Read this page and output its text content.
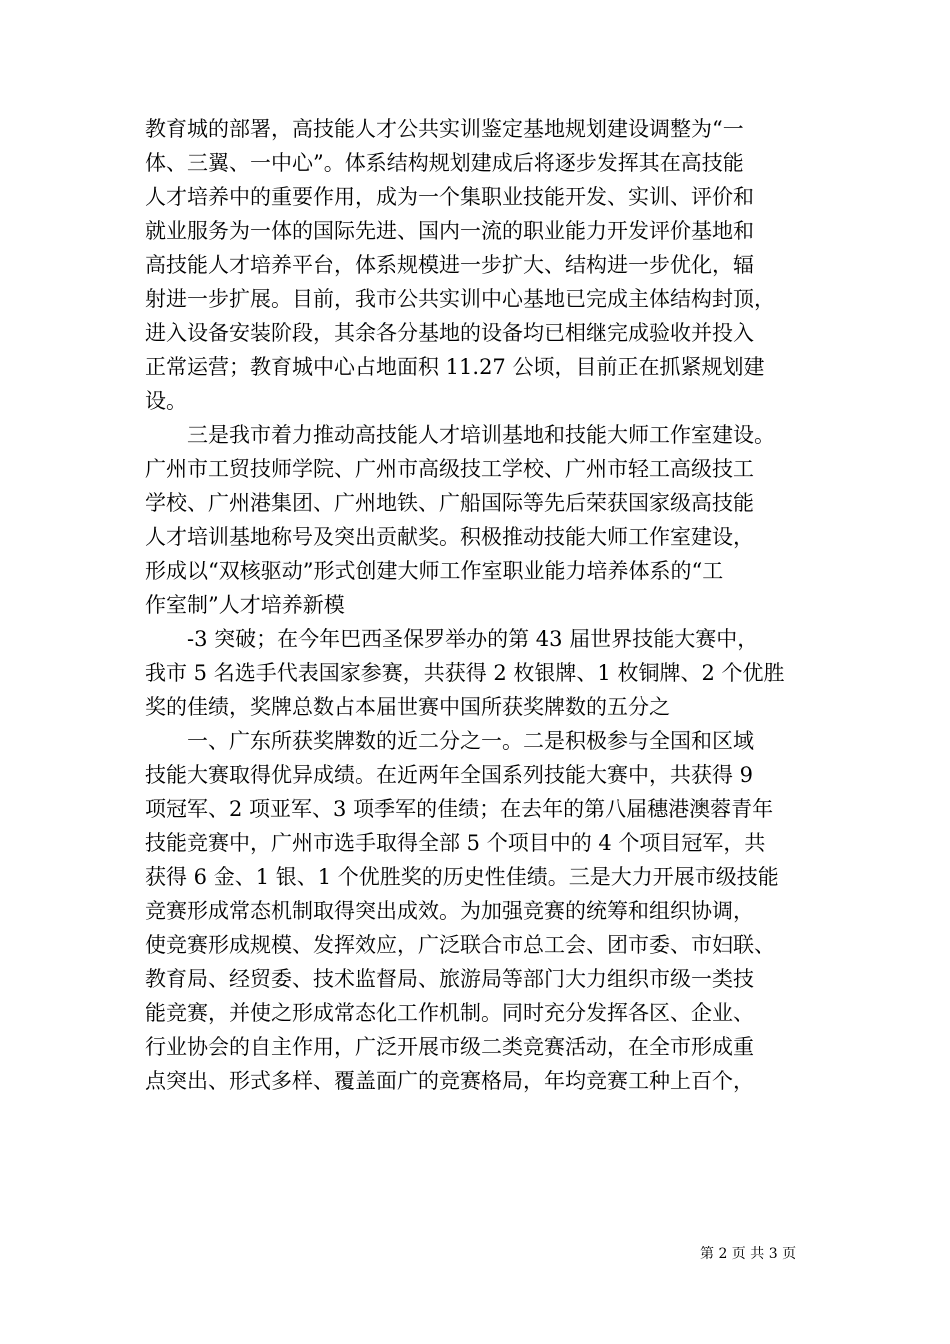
教育城的部署，高技能人才公共实训鉴定基地规划建设调整为“一
体、三翼、一中心”。体系结构规划建成后将逐步发挥其在高技能
人才培养中的重要作用，成为一个集职业技能开发、实训、评价和
就业服务为一体的国际先进、国内一流的职业能力开发评价基地和
高技能人才培养平台，体系规模进一步扩大、结构进一步优化，辐
射进一步扩展。目前，我市公共实训中心基地已完成主体结构封顶，
进入设备安装阶段，其余各分基地的设备均已相继完成验收并投入
正常运营；教育城中心占地面积 11.27 公顷，目前正在抓紧规划建
设。
三是我市着力推动高技能人才培训基地和技能大师工作室建设。
广州市工贸技师学院、广州市高级技工学校、广州市轻工高级技工
学校、广州港集团、广州地铁、广船国际等先后荣获国家级高技能
人才培训基地称号及突出贡献奖。积极推动技能大师工作室建设，
形成以“双核驱动”形式创建大师工作室职业能力培养体系的“工
作室制”人才培养新模
-3 突破；在今年巴西圣保罗举办的第 43 届世界技能大赛中，
我市 5 名选手代表国家参赛，共获得 2 枚银牌、1 枚铜牌、2 个优胜
奖的佳绩，奖牌总数占本届世赛中国所获奖牌数的五分之
一、广东所获奖牌数的近二分之一。二是积极参与全国和区域
技能大赛取得优异成绩。在近两年全国系列技能大赛中，共获得 9
项冠军、2 项亚军、3 项季军的佳绩；在去年的第八届穗港澳蓉青年
技能竞赛中，广州市选手取得全部 5 个项目中的 4 个项目冠军，共
获得 6 金、1 银、1 个优胜奖的历史性佳绩。三是大力开展市级技能
竞赛形成常态机制取得突出成效。为加强竞赛的统筹和组织协调，
使竞赛形成规模、发挥效应，广泛联合市总工会、团市委、市妇联、
教育局、经贸委、技术监督局、旅游局等部门大力组织市级一类技
能竞赛，并使之形成常态化工作机制。同时充分发挥各区、企业、
行业协会的自主作用，广泛开展市级二类竞赛活动，在全市形成重
点突出、形式多样、覆盖面广的竞赛格局，年均竞赛工种上百个，
第 2 页 共 3 页
